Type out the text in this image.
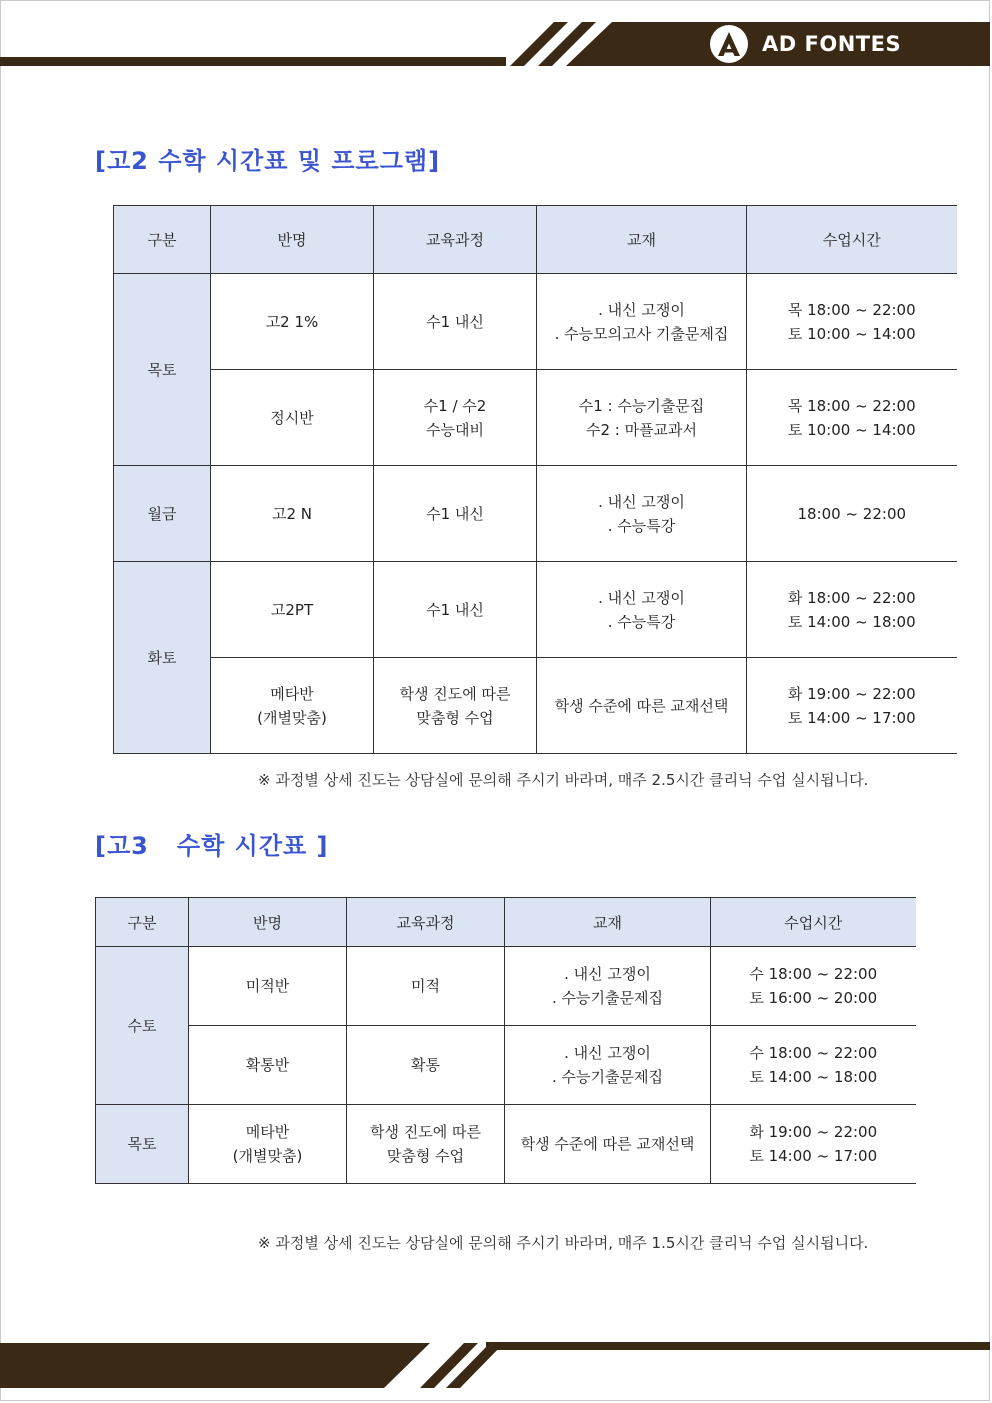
AD FONTES
[고2 수학 시간표 및 프로그램]
구분	반명	교육과정	교재	수업시간
목토	고2 1%	수1 내신	. 내신 고쟁이
. 수능모의고사 기출문제집	목 18:00 ~ 22:00
토 10:00 ~ 14:00

	정시반	수1 / 수2
수능대비	수1 : 수능기출문집
수2 : 마플교과서	목 18:00 ~ 22:00
토 10:00 ~ 14:00

월금	고2 N	수1 내신	. 내신 고쟁이
. 수능특강	18:00 ~ 22:00

화토	고2PT	수1 내신	. 내신 고쟁이
. 수능특강	화 18:00 ~ 22:00
토 14:00 ~ 18:00

	메타반
(개별맞춤)	학생 진도에 따른
맞춤형 수업	학생 수준에 따른 교재선택	화 19:00 ~ 22:00
토 14:00 ~ 17:00
※ 과정별 상세 진도는 상담실에 문의해 주시기 바라며, 매주 2.5시간 클리닉 수업 실시됩니다.
[고3   수학 시간표 ]
구분	반명	교육과정	교재	수업시간
수토	미적반	미적	. 내신 고쟁이
. 수능기출문제집	수 18:00 ~ 22:00
토 16:00 ~ 20:00

	확통반	확통	. 내신 고쟁이
. 수능기출문제집	수 18:00 ~ 22:00
토 14:00 ~ 18:00

목토	메타반
(개별맞춤)	학생 진도에 따른
맞춤형 수업	학생 수준에 따른 교재선택	화 19:00 ~ 22:00
토 14:00 ~ 17:00
※ 과정별 상세 진도는 상담실에 문의해 주시기 바라며, 매주 1.5시간 클리닉 수업 실시됩니다.
